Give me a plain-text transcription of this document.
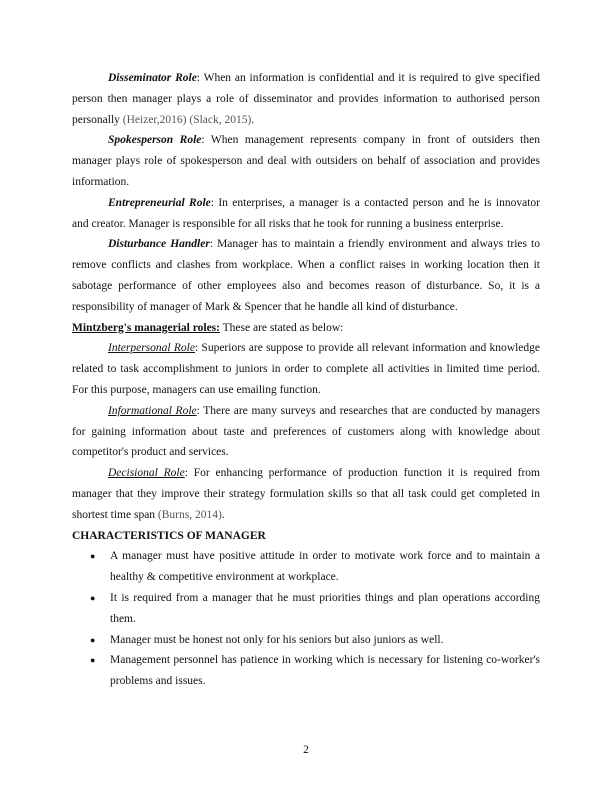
Disseminator Role: When an information is confidential and it is required to give specified person then manager plays a role of disseminator and provides information to authorised person personally (Heizer,2016) (Slack, 2015).

Spokesperson Role: When management represents company in front of outsiders then manager plays role of spokesperson and deal with outsiders on behalf of association and provides information.

Entrepreneurial Role: In enterprises, a manager is a contacted person and he is innovator and creator. Manager is responsible for all risks that he took for running a business enterprise.

Disturbance Handler: Manager has to maintain a friendly environment and always tries to remove conflicts and clashes from workplace. When a conflict raises in working location then it sabotage performance of other employees also and becomes reason of disturbance. So, it is a responsibility of manager of Mark & Spencer that he handle all kind of disturbance.

Mintzberg's managerial roles: These are stated as below:

Interpersonal Role: Superiors are suppose to provide all relevant information and knowledge related to task accomplishment to juniors in order to complete all activities in limited time period. For this purpose, managers can use emailing function.

Informational Role: There are many surveys and researches that are conducted by managers for gaining information about taste and preferences of customers along with knowledge about competitor's product and services.

Decisional Role: For enhancing performance of production function it is required from manager that they improve their strategy formulation skills so that all task could get completed in shortest time span (Burns, 2014).

CHARACTERISTICS OF MANAGER

● A manager must have positive attitude in order to motivate work force and to maintain a healthy & competitive environment at workplace.
● It is required from a manager that he must priorities things and plan operations according them.
● Manager must be honest not only for his seniors but also juniors as well.
● Management personnel has patience in working which is necessary for listening co-worker's problems and issues.
2
